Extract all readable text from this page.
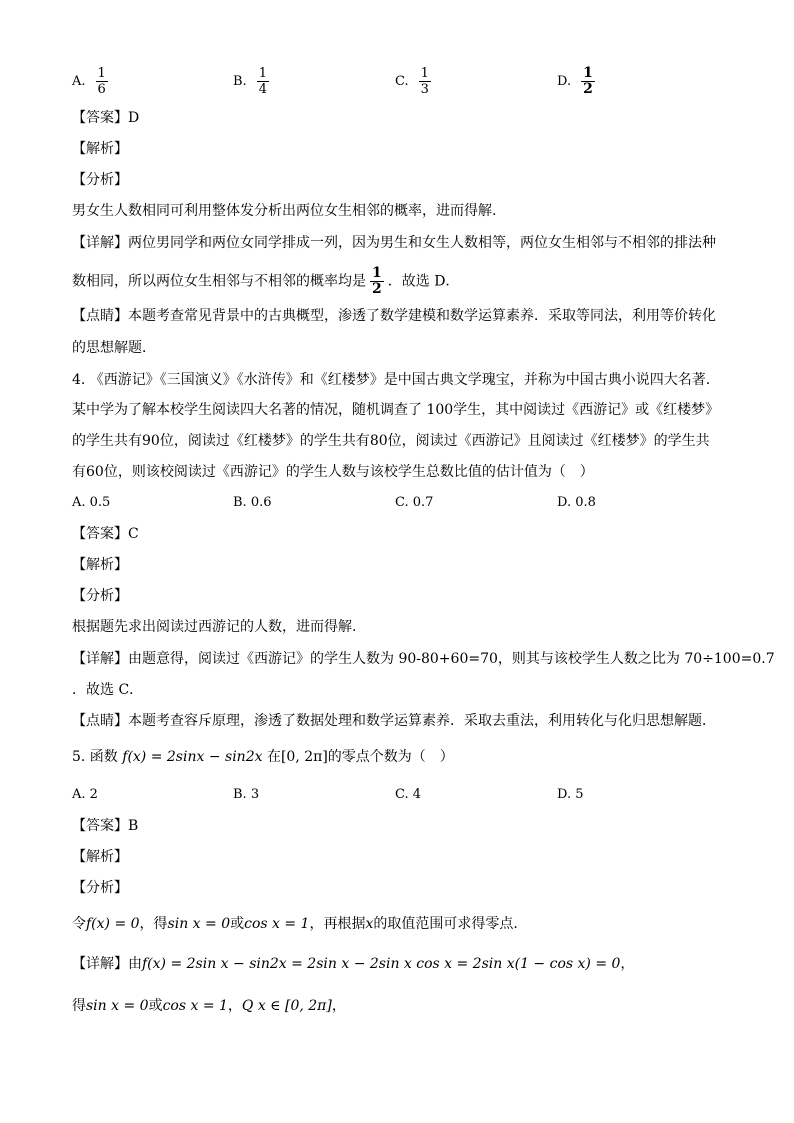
A. $\frac{1}{6}$	B. $\frac{1}{4}$	C. $\frac{1}{3}$	D. $\frac{1}{2}$
【答案】D
【解析】
【分析】
男女生人数相同可利用整体发分析出两位女生相邻的概率，进而得解.
【详解】两位男同学和两位女同学排成一列，因为男生和女生人数相等，两位女生相邻与不相邻的排法种
数相同，所以两位女生相邻与不相邻的概率均是 $\frac{1}{2}$ ．故选 D．
【点睛】本题考查常见背景中的古典概型，渗透了数学建模和数学运算素养．采取等同法，利用等价转化
的思想解题．
4. 《西游记》《三国演义》《水浒传》和《红楼梦》是中国古典文学瑰宝，并称为中国古典小说四大名著.
某中学为了解本校学生阅读四大名著的情况，随机调查了 100学生，其中阅读过《西游记》或《红楼梦》
的学生共有90位，阅读过《红楼梦》的学生共有80位，阅读过《西游记》且阅读过《红楼梦》的学生共
有60位，则该校阅读过《西游记》的学生人数与该校学生总数比值的估计值为（　）
A. 0.5	B. 0.6	C. 0.7	D. 0.8
【答案】C
【解析】
【分析】
根据题先求出阅读过西游记的人数，进而得解.
【详解】由题意得，阅读过《西游记》的学生人数为 90-80+60=70，则其与该校学生人数之比为 70÷100=0.7
．故选 C．
【点睛】本题考查容斥原理，渗透了数据处理和数学运算素养．采取去重法，利用转化与化归思想解题．
5. 函数 f(x) = 2sinx − sin2x 在[0, 2π]的零点个数为（　）
A. 2	B. 3	C. 4	D. 5
【答案】B
【解析】
【分析】
令f(x) = 0，得sin x = 0或cos x = 1，再根据x的取值范围可求得零点.
【详解】由f(x) = 2sin x − sin2x = 2sin x − 2sin x cos x = 2sin x(1 − cos x) = 0，
得sin x = 0或cos x = 1，Q x ∈ [0, 2π]，
